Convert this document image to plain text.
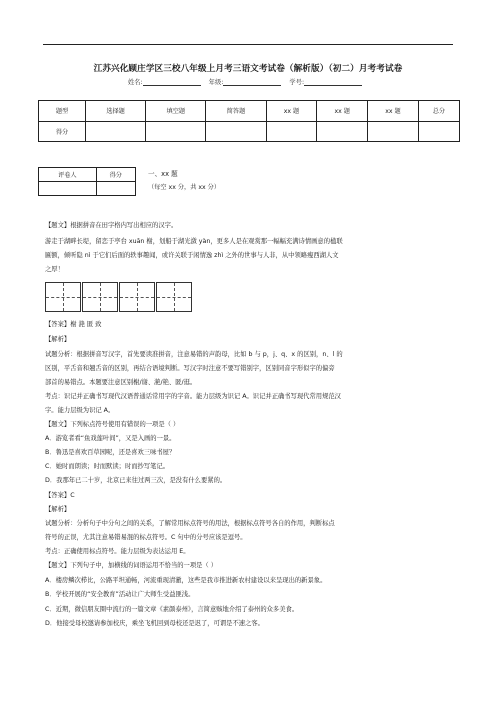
江苏兴化顾庄学区三校八年级上月考三语文考试卷（解析版）（初二）月考考试卷
姓名:	年级:	学号:
题型	选择题	填空题	简答题	xx 题	xx 题	xx 题	总分
得分							
评卷人	得分
		一、xx 题
（每空 xx 分，共 xx 分）
【题文】根据拼音在田字格内写出相应的汉字。
游走于湖畔长堤，留恋于亭台 xuān 榭，划船于湖光潋 yàn，更多人是在观赏那一幅幅充满诗情画意的楹联
匾额，倾听隐 nì 于它们后面的轶事趣闻，或许关联于闲情逸 zhì 之外的世事与人非，从中领略瘦西湖人文
之厚！
【答案】榭 滟 匿 致
【解析】
试题分析：根据拼音写汉字，首先要读准拼音，注意易错的声韵母，比如 b 与 p，j、q、x 的区别，n、l 的
区别，平舌音和翘舌音的区别，再结合语境判断。写汉字时注意不要写错别字，区别同音字形似字的偏旁
部首的易错点。本题要注意区别榭/谢、滟/艳、匿/逛。
考点：识记并正确书写现代汉语普通话常用字的字音。能力层级为识记 A。识记并正确书写现代常用规范汉
字。能力层级为识记 A。
【题文】下列标点符号使用有错误的一项是（ ）
A．游览者看“鱼戏莲叶间”，又是入画的一景。
B．鲁迅是喜欢百草园呢，还是喜欢三味书屋？
C．她时而朗读；时而默读；时而抄写笔记。
D．我那年已二十岁，北京已来往过两三次，是没有什么要紧的。
【答案】C
【解析】
试题分析：分析句子中分句之间的关系，了解常用标点符号的用法，根据标点符号各自的作用，判断标点
符号的正误，尤其注意易错易混的标点符号。C 句中的分号应该是逗号。
考点：正确使用标点符号。能力层级为表达运用 E。
【题文】下列句子中，加横线的词语运用不恰当的一项是（ ）
A．楼房鳞次栉比，公路平坦通畅，河流重现清澈，这些是我市推进新农村建设以来呈现出的新景象。
B．学校开展的“安全教育”活动让广大师生受益匪浅。
C．近期，微信朋友圈中流行的一篇文章《素颜泰州》，言简意赅地介绍了泰州的众多美食。
D．他接受母校邀请参加校庆，乘坐飞机回到母校还是迟了，可谓是不速之客。
